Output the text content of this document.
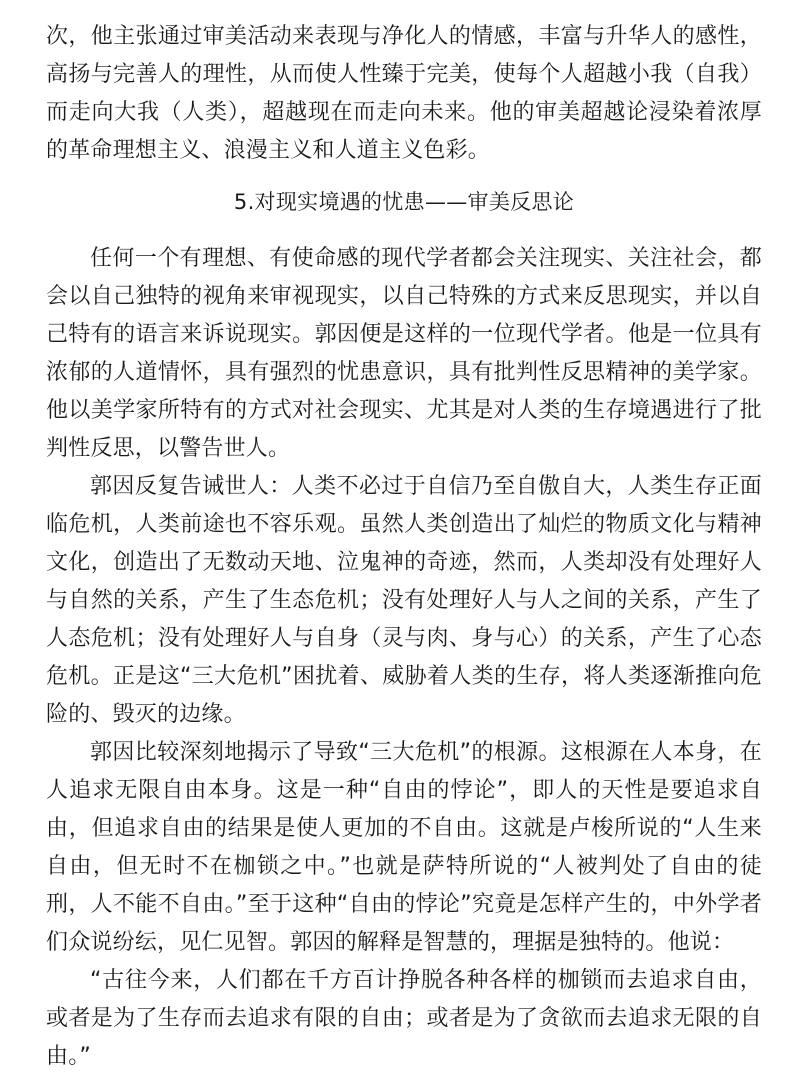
次，他主张通过审美活动来表现与净化人的情感，丰富与升华人的感性，高扬与完善人的理性，从而使人性臻于完美，使每个人超越小我（自我）而走向大我（人类），超越现在而走向未来。他的审美超越论浸染着浓厚的革命理想主义、浪漫主义和人道主义色彩。

5.对现实境遇的忧患——审美反思论

任何一个有理想、有使命感的现代学者都会关注现实、关注社会，都会以自己独特的视角来审视现实，以自己特殊的方式来反思现实，并以自己特有的语言来诉说现实。郭因便是这样的一位现代学者。他是一位具有浓郁的人道情怀，具有强烈的忧患意识，具有批判性反思精神的美学家。他以美学家所特有的方式对社会现实、尤其是对人类的生存境遇进行了批判性反思，以警告世人。

郭因反复告诫世人：人类不必过于自信乃至自傲自大，人类生存正面临危机，人类前途也不容乐观。虽然人类创造出了灿烂的物质文化与精神文化，创造出了无数动天地、泣鬼神的奇迹，然而，人类却没有处理好人与自然的关系，产生了生态危机；没有处理好人与人之间的关系，产生了人态危机；没有处理好人与自身（灵与肉、身与心）的关系，产生了心态危机。正是这“三大危机”困扰着、威胁着人类的生存，将人类逐渐推向危险的、毁灭的边缘。

郭因比较深刻地揭示了导致“三大危机”的根源。这根源在人本身，在人追求无限自由本身。这是一种“自由的悖论”，即人的天性是要追求自由，但追求自由的结果是使人更加的不自由。这就是卢梭所说的“人生来自由，但无时不在枷锁之中。”也就是萨特所说的“人被判处了自由的徒刑，人不能不自由。”至于这种“自由的悖论”究竟是怎样产生的，中外学者们众说纷纭，见仁见智。郭因的解释是智慧的，理据是独特的。他说：

“古往今来，人们都在千方百计挣脱各种各样的枷锁而去追求自由，或者是为了生存而去追求有限的自由；或者是为了贪欲而去追求无限的自由。”
